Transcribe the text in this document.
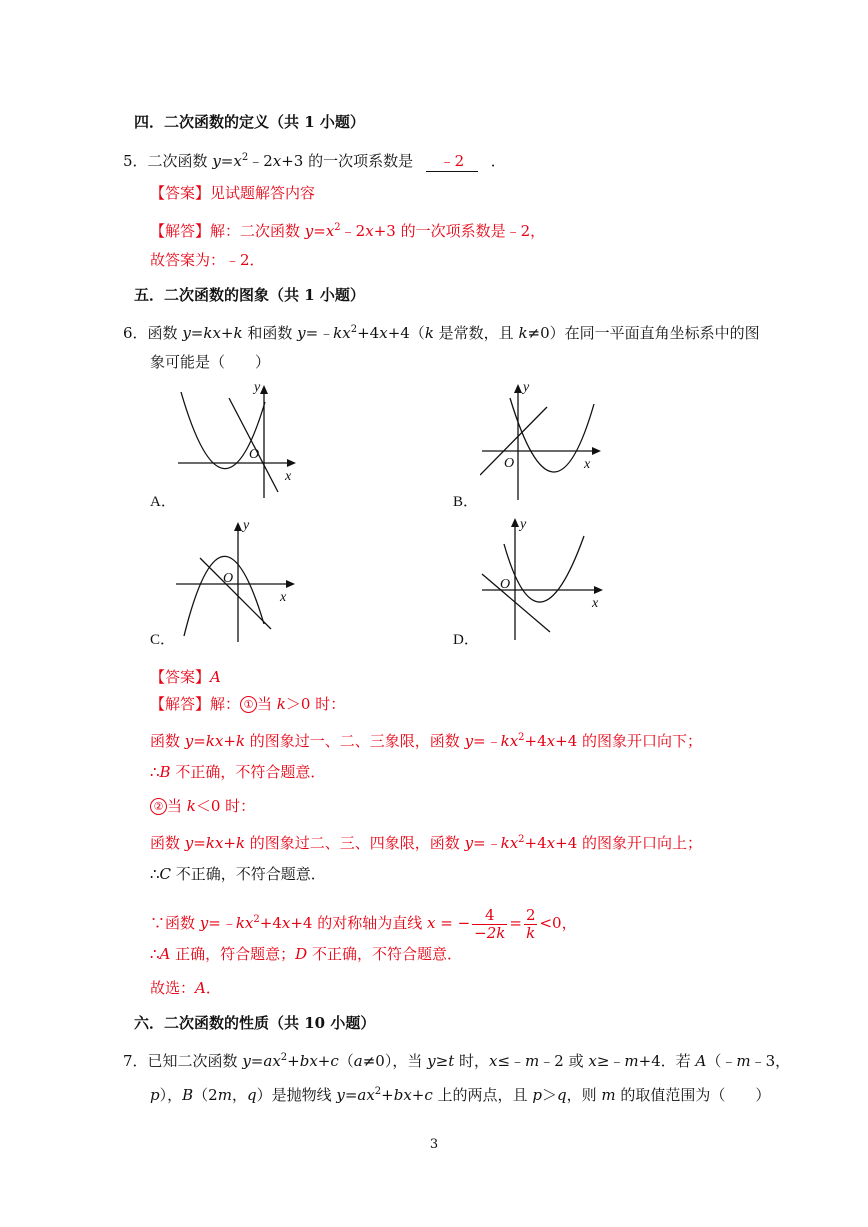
四．二次函数的定义（共 1 小题）
5．二次函数 $y=x^2﹣2x+3$ 的一次项系数是 ﹣2 ．
【答案】见试题解答内容
【解答】解：二次函数 $y=x^2﹣2x+3$ 的一次项系数是﹣2，
故答案为：﹣2．
五．二次函数的图象（共 1 小题）
6．函数 y=kx+k 和函数 $y=﹣kx^2+4x+4(k$ 是常数，且 k≠0）在同一平面直角坐标系中的图
象可能是（　　）
y
x
O
A．
y
x
O
B．
y
x
O
C．
y
x
O
D．
【答案】A
【解答】解： ① 当 k＞0 时：
函数 y=kx+k 的图象过一、二、三象限，函数 $y=﹣kx^2+4x+4$ 的图象开口向下；
∴B 不正确，不符合题意．
② 当 k＜0 时：
函数 y=kx+k 的图象过二、三、四象限，函数 $y=﹣kx^2+4x+4$ 的图象开口向上；
∴C 不正确，不符合题意．
∵函数 $y=﹣kx^2+4x+4$ 的对称轴为直线 x = − $\frac{4}{-2k} = \frac{2}{k} <0$，
∴A 正确，符合题意；D 不正确，不符合题意．
故选：A．
六．二次函数的性质（共 10 小题）
7．已知二次函数 $y=ax^2+bx+c(a\ne 0)$，当 y≥t 时，x≤﹣m﹣2 或 x≥﹣m+4．若 A（﹣m﹣3，
p），B（2m，q）是抛物线 $y=ax^2+bx+c$ 上的两点，且 p＞q，则 m 的取值范围为（　　）
3
